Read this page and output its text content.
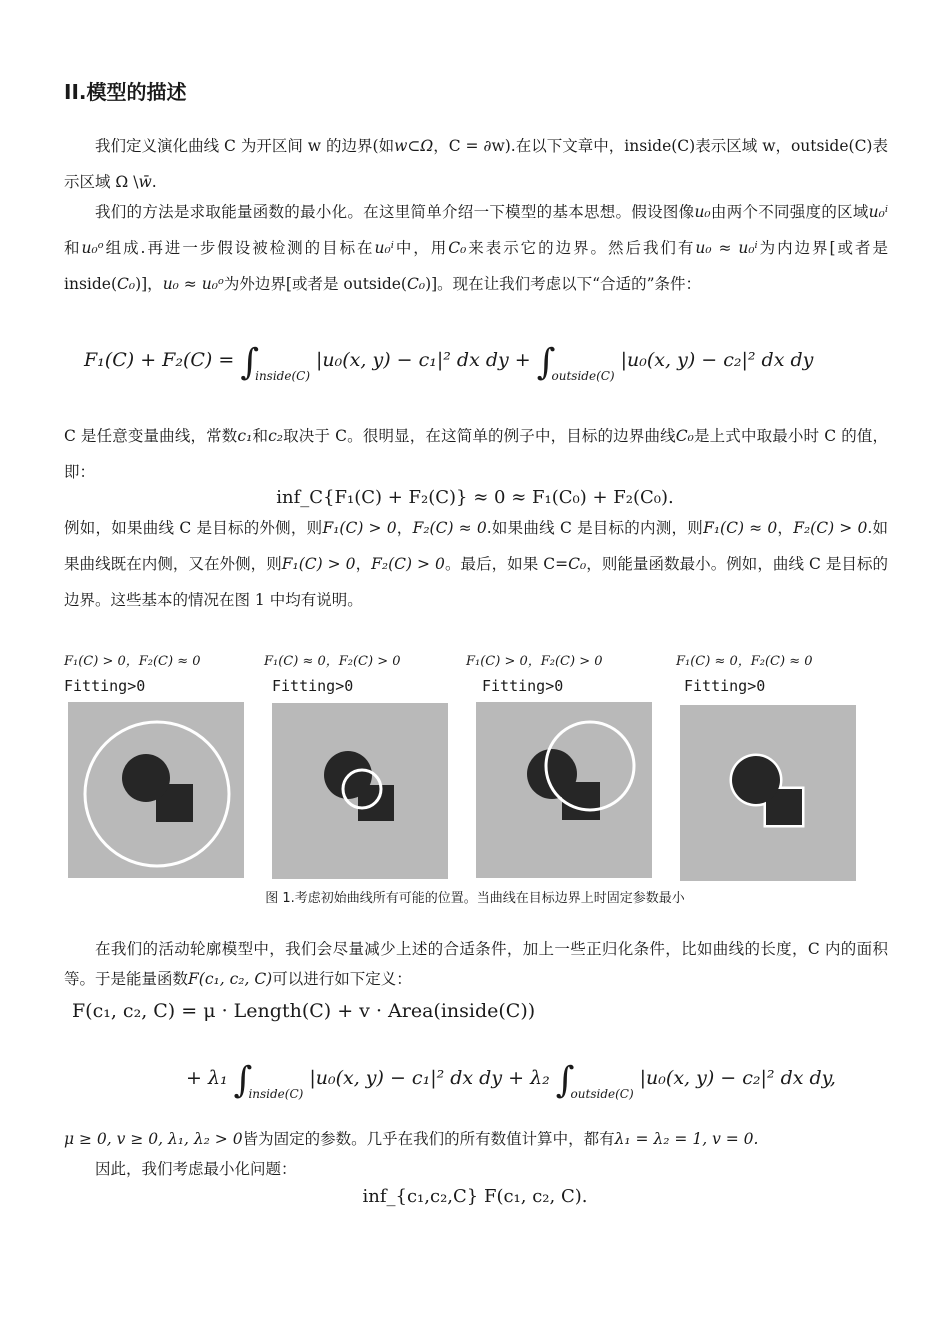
II.模型的描述
我们定义演化曲线 C 为开区间 w 的边界(如w⊂Ω，C = ∂w).在以下文章中，inside(C)表示区域 w，outside(C)表示区域 Ω \w̄.
我们的方法是求取能量函数的最小化。在这里简单介绍一下模型的基本思想。假设图像u₀由两个不同强度的区域u₀ⁱ和u₀ᵒ组成.再进一步假设被检测的目标在u₀ⁱ中，用C₀来表示它的边界。然后我们有u₀ ≈ u₀ⁱ为内边界[或者是 inside(C₀)]，u₀ ≈ u₀ᵒ为外边界[或者是 outside(C₀)]。现在让我们考虑以下“合适的”条件：
$F_1(C) + F_2(C) = \int_{inside(C)}|u_0(x$, y) − c₁|² dx dy + $\int_{outside(C)}|u_0(x$, y) − c₂|² dx dy
C 是任意变量曲线，常数c₁和c₂取决于 C。很明显，在这简单的例子中，目标的边界曲线C₀是上式中取最小时 C 的值，即：
inf_C{F₁(C) + F₂(C)} ≈ 0 ≈ F₁(C₀) + F₂(C₀).
例如，如果曲线 C 是目标的外侧，则F₁(C) > 0，F₂(C) ≈ 0.如果曲线 C 是目标的内测，则F₁(C) ≈ 0，F₂(C) > 0.如果曲线既在内侧，又在外侧，则F₁(C) > 0，F₂(C) > 0。最后，如果 C=C₀，则能量函数最小。例如，曲线 C 是目标的边界。这些基本的情况在图 1 中均有说明。
F₁(C) > 0，F₂(C) ≈ 0
Fitting>0
F₁(C) ≈ 0，F₂(C) > 0
Fitting>0
F₁(C) > 0，F₂(C) > 0
Fitting>0
F₁(C) ≈ 0，F₂(C) ≈ 0
Fitting>0
图 1.考虑初始曲线所有可能的位置。当曲线在目标边界上时固定参数最小
在我们的活动轮廓模型中，我们会尽量减少上述的合适条件，加上一些正归化条件，比如曲线的长度，C 内的面积等。于是能量函数F(c₁, c₂, C)可以进行如下定义：
F(c₁, c₂, C) = μ · Length(C) + v · Area(inside(C))
+ λ₁ $\int_{inside(C)}|u_0(x$, y) − c₁|² dx dy + λ₂ $\int_{outside(C)}|u_0(x$, y) − c₂|² dx dy,
μ ≥ 0, v ≥ 0, λ₁, λ₂ > 0皆为固定的参数。几乎在我们的所有数值计算中，都有λ₁ = λ₂ = 1, v = 0.
因此，我们考虑最小化问题：
inf_{c₁,c₂,C} F(c₁, c₂, C).
